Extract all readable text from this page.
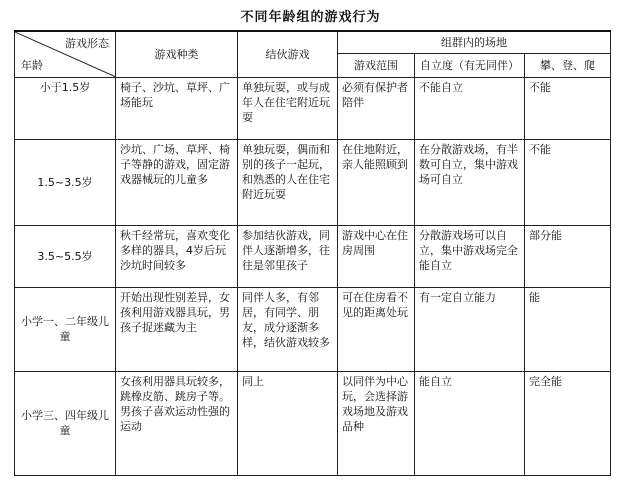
不同年龄组的游戏行为
游戏形态
年龄	游戏种类	结伙游戏	组群内的场地		
			游戏范围	自立度（有无同伴）	攀、登、爬
小于1.5岁	椅子、沙坑、草坪、广场能玩	单独玩耍，或与成年人在住宅附近玩耍	必须有保护者陪伴	不能自立	不能
1.5~3.5岁	沙坑、广场、草坪、椅子等静的游戏，固定游戏器械玩的儿童多	单独玩耍，偶而和别的孩子一起玩，和熟悉的人在住宅附近玩耍	在住地附近，亲人能照顾到	在分散游戏场，有半数可自立，集中游戏场可自立	不能
3.5~5.5岁	秋千经常玩，喜欢变化多样的器具，4岁后玩沙坑时间较多	参加结伙游戏，同伴人逐渐增多，往往是邻里孩子	游戏中心在住房周围	分散游戏场可以自立，集中游戏场完全能自立	部分能
小学一、二年级儿童	开始出现性别差异，女孩利用游戏器具玩，男孩子捉迷藏为主	同伴人多，有邻居，有同学、朋友，成分逐渐多样，结伙游戏较多	可在住房看不见的距离处玩	有一定自立能力	能
小学三、四年级儿童	女孩利用器具玩较多，跳橡皮筋、跳房子等。男孩子喜欢运动性强的运动	同上	以同伴为中心玩，会选择游戏场地及游戏品种	能自立	完全能
